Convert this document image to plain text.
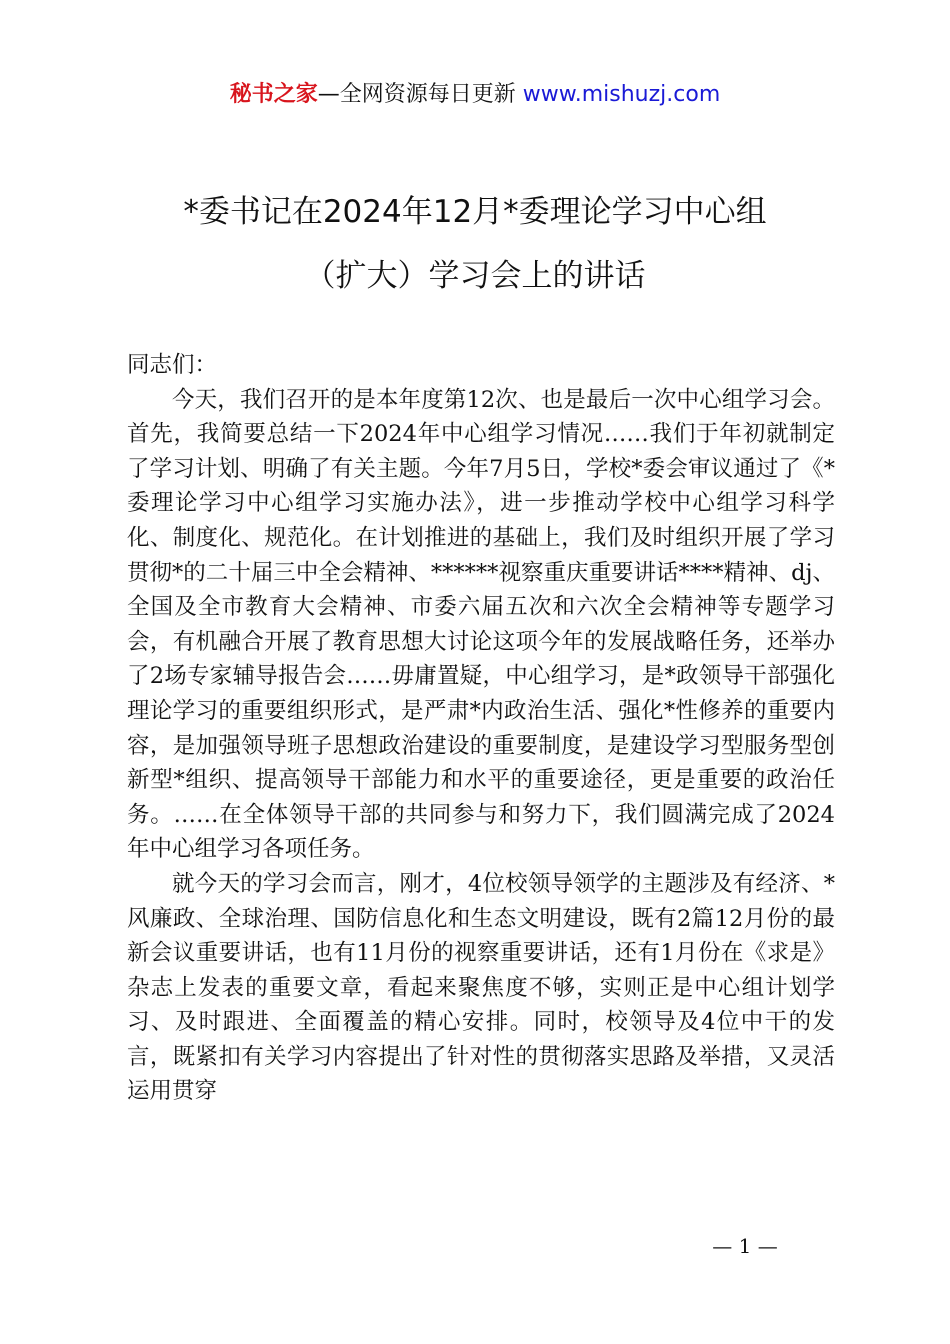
秘书之家—全网资源每日更新 www.mishuzj.com
*委书记在2024年12月*委理论学习中心组
（扩大）学习会上的讲话

同志们：

今天，我们召开的是本年度第12次、也是最后一次中心组学习会。首先，我简要总结一下2024年中心组学习情况……我们于年初就制定了学习计划、明确了有关主题。今年7月5日，学校*委会审议通过了《*委理论学习中心组学习实施办法》，进一步推动学校中心组学习科学化、制度化、规范化。在计划推进的基础上，我们及时组织开展了学习贯彻*的二十届三中全会精神、******视察重庆重要讲话****精神、dj、全国及全市教育大会精神、市委六届五次和六次全会精神等专题学习会，有机融合开展了教育思想大讨论这项今年的发展战略任务，还举办了2场专家辅导报告会……毋庸置疑，中心组学习，是*政领导干部强化理论学习的重要组织形式，是严肃*内政治生活、强化*性修养的重要内容，是加强领导班子思想政治建设的重要制度，是建设学习型服务型创新型*组织、提高领导干部能力和水平的重要途径，更是重要的政治任务。……在全体领导干部的共同参与和努力下，我们圆满完成了2024年中心组学习各项任务。

就今天的学习会而言，刚才，4位校领导领学的主题涉及有经济、*风廉政、全球治理、国防信息化和生态文明建设，既有2篇12月份的最新会议重要讲话，也有11月份的视察重要讲话，还有1月份在《求是》杂志上发表的重要文章，看起来聚焦度不够，实则正是中心组计划学习、及时跟进、全面覆盖的精心安排。同时，校领导及4位中干的发言，既紧扣有关学习内容提出了针对性的贯彻落实思路及举措，又灵活运用贯穿

— 1 —
